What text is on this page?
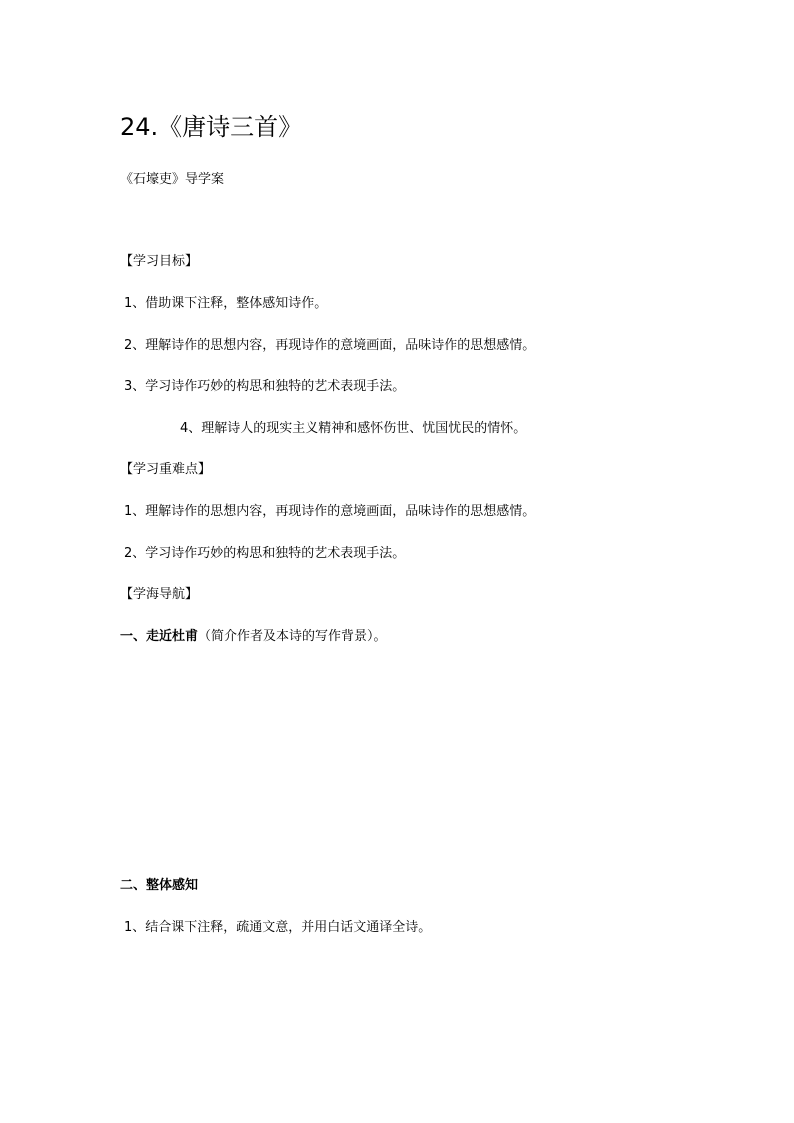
24.《唐诗三首》
《石壕吏》导学案
【学习目标】
1、借助课下注释，整体感知诗作。
2、理解诗作的思想内容，再现诗作的意境画面，品味诗作的思想感情。
3、学习诗作巧妙的构思和独特的艺术表现手法。
4、理解诗人的现实主义精神和感怀伤世、忧国忧民的情怀。
【学习重难点】
1、理解诗作的思想内容，再现诗作的意境画面，品味诗作的思想感情。
2、学习诗作巧妙的构思和独特的艺术表现手法。
【学海导航】
一、走近杜甫（简介作者及本诗的写作背景）。
二、整体感知
1、结合课下注释，疏通文意，并用白话文通译全诗。
